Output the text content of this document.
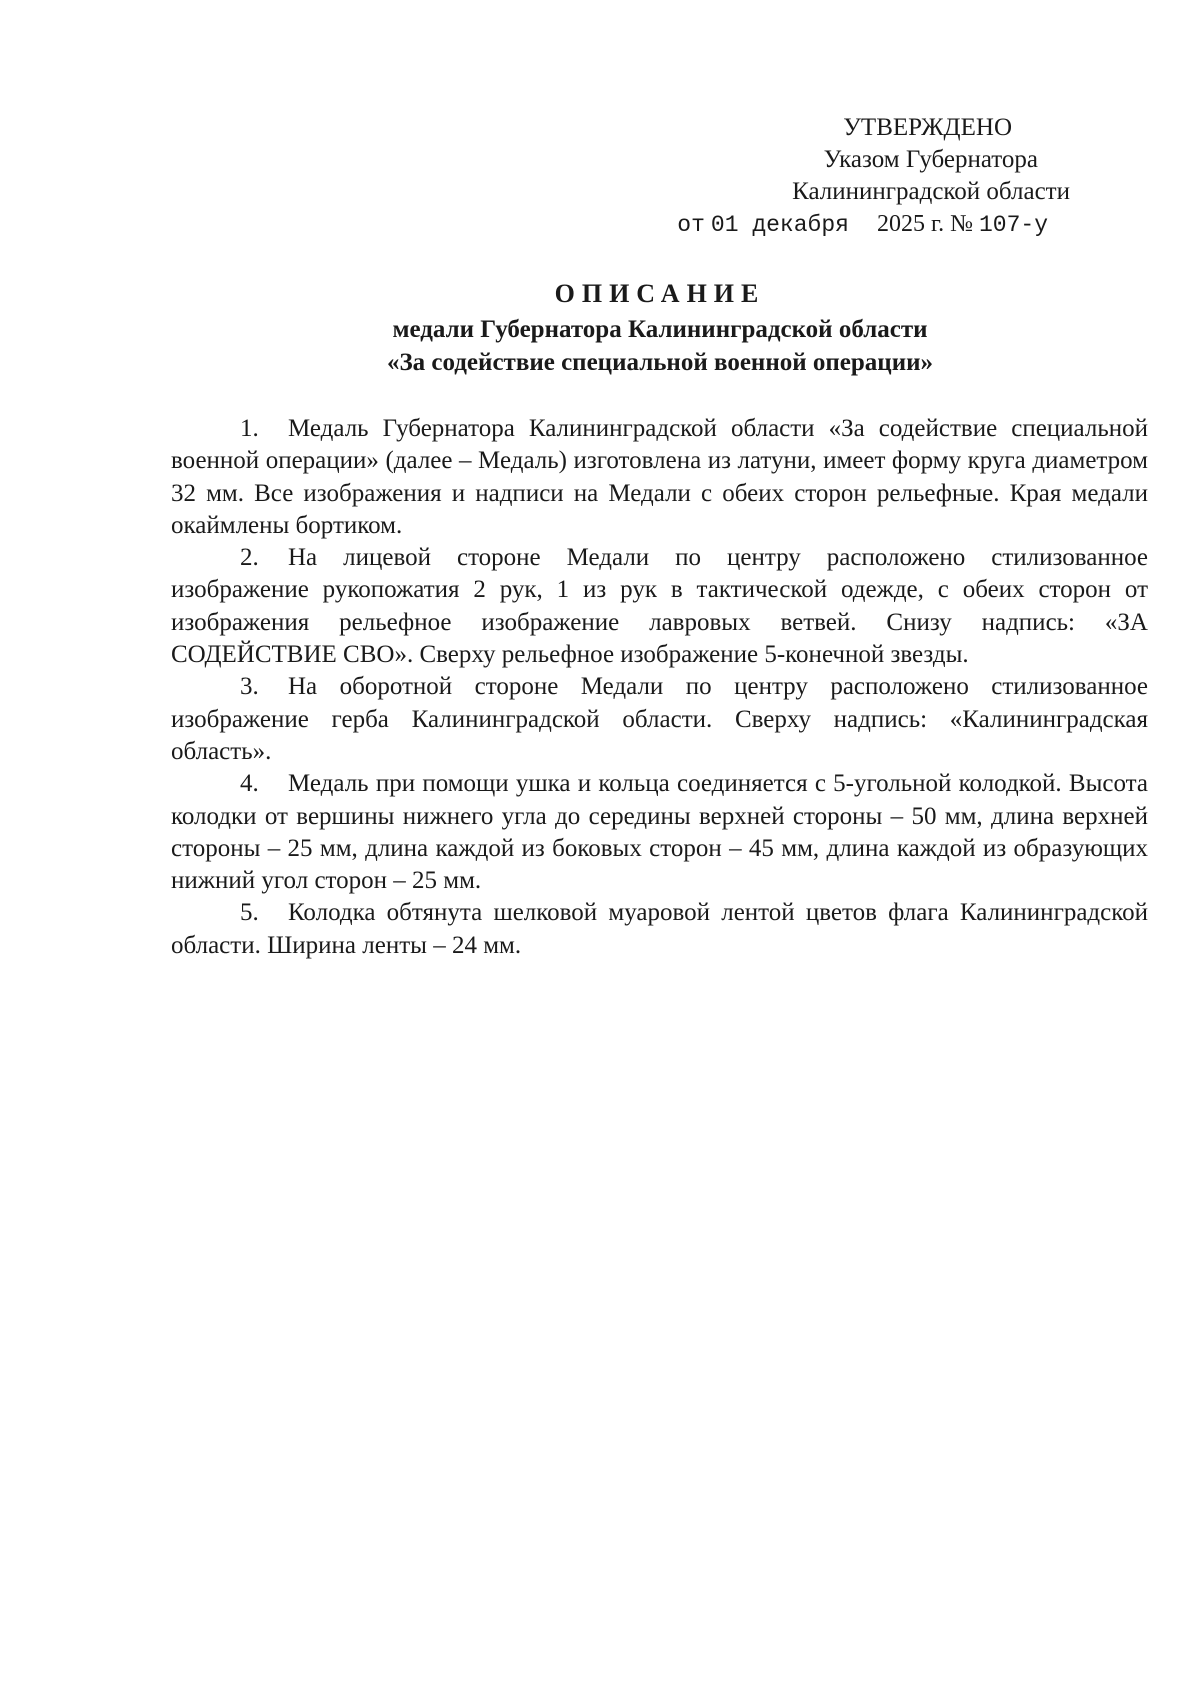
УТВЕРЖДЕНО
Указом Губернатора
Калининградской области
от 01 декабря 2025 г. № 107-у
ОПИСАНИЕ
медали Губернатора Калининградской области
«За содействие специальной военной операции»

1. Медаль Губернатора Калининградской области «За содействие специальной военной операции» (далее – Медаль) изготовлена из латуни, имеет форму круга диаметром 32 мм. Все изображения и надписи на Медали с обеих сторон рельефные. Края медали окаймлены бортиком.

2. На лицевой стороне Медали по центру расположено стилизованное изображение рукопожатия 2 рук, 1 из рук в тактической одежде, с обеих сторон от изображения рельефное изображение лавровых ветвей. Снизу надпись: «ЗА СОДЕЙСТВИЕ СВО». Сверху рельефное изображение 5-конечной звезды.

3. На оборотной стороне Медали по центру расположено стилизованное изображение герба Калининградской области. Сверху надпись: «Калининградская область».

4. Медаль при помощи ушка и кольца соединяется с 5-угольной колодкой. Высота колодки от вершины нижнего угла до середины верхней стороны – 50 мм, длина верхней стороны – 25 мм, длина каждой из боковых сторон – 45 мм, длина каждой из образующих нижний угол сторон – 25 мм.

5. Колодка обтянута шелковой муаровой лентой цветов флага Калининградской области. Ширина ленты – 24 мм.
